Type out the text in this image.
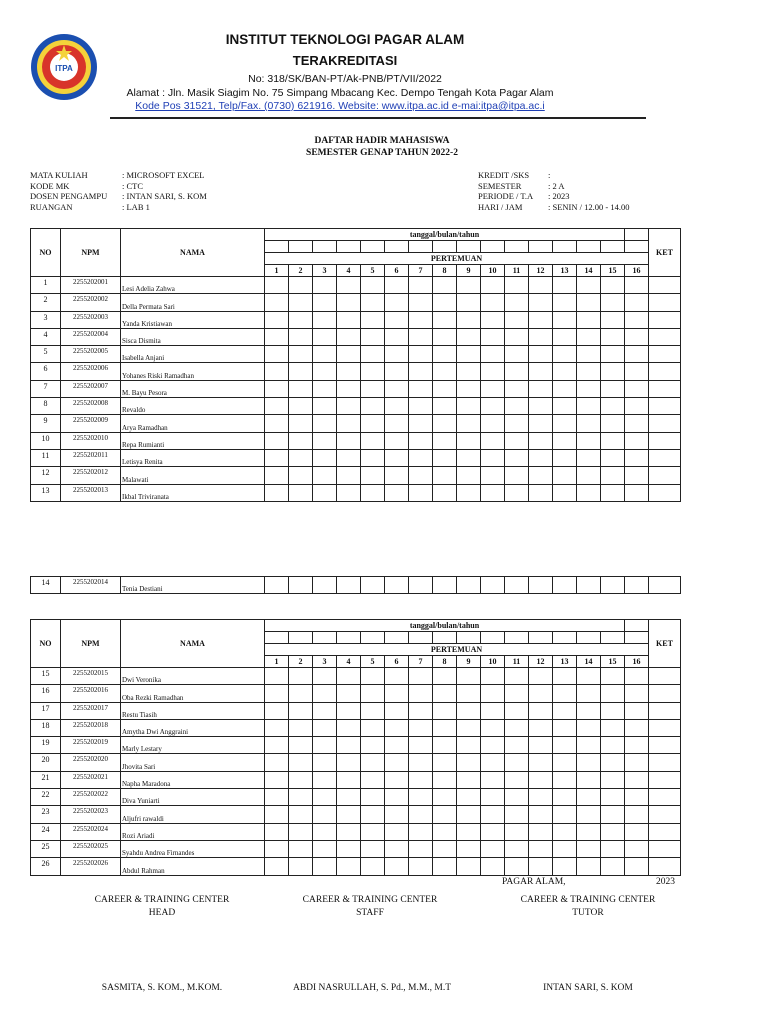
ITPA
INSTITUT TEKNOLOGI PAGAR ALAM
TERAKREDITASI
No: 318/SK/BAN-PT/Ak-PNB/PT/VII/2022
Alamat : Jln. Masik Siagim No. 75 Simpang Mbacang Kec. Dempo Tengah Kota Pagar Alam
Kode Pos 31521, Telp/Fax. (0730) 621916. Website: www.itpa.ac.id e-mai:itpa@itpa.ac.i
DAFTAR HADIR MAHASISWA
SEMESTER GENAP TAHUN 2022-2
MATA KULIAH	: MICROSOFT EXCEL
KODE MK	: CTC
DOSEN PENGAMPU	: INTAN SARI, S. KOM
RUANGAN	: LAB 1
KREDIT /SKS	:
SEMESTER	: 2 A
PERIODE / T.A	: 2023
HARI / JAM	: SENIN / 12.00 - 14.00
NO	NPM	NAMA	tanggal/bulan/tahun																KET

			PERTEMUAN																
			1	2	3	4	5	6	7	8	9	10	11	12	13	14	15	16	
1	2255202001	Lesi Adelia Zahwa																	
2	2255202002	Della Permata Sari																	
3	2255202003	Yanda Kristiawan																	
4	2255202004	Sisca Dismita																	
5	2255202005	Isabella Anjani																	
6	2255202006	Yohanes Riski Ramadhan																	
7	2255202007	M. Bayu Pesora																	
8	2255202008	Revaldo																	
9	2255202009	Arya Ramadhan																	
10	2255202010	Repa Rumianti																	
11	2255202011	Letisya Renita																	
12	2255202012	Malawati																	
13	2255202013	Ikbal Triviranata																	
14	2255202014	Tenia Destiani																	
NO	NPM	NAMA	tanggal/bulan/tahun																KET

			PERTEMUAN																
			1	2	3	4	5	6	7	8	9	10	11	12	13	14	15	16	
15	2255202015	Dwi Veronika																	
16	2255202016	Oba Rezki Ramadhan																	
17	2255202017	Restu Tiasih																	
18	2255202018	Amytha Dwi Anggraini																	
19	2255202019	Marly Lestary																	
20	2255202020	Jhovita Sari																	
21	2255202021	Napha Maradona																	
22	2255202022	Diva Yuniarti																	
23	2255202023	Aljufri rawaldi																	
24	2255202024	Rozi Ariadi																	
25	2255202025	Syahdu Andrea Firnandes																	
26	2255202026	Abdul Rahman																	
PAGAR ALAM,	2023
CAREER & TRAINING CENTER
HEAD
CAREER & TRAINING CENTER
STAFF
CAREER & TRAINING CENTER
TUTOR
SASMITA, S. KOM., M.KOM.	ABDI NASRULLAH, S. Pd., M.M., M.T	INTAN SARI, S. KOM
